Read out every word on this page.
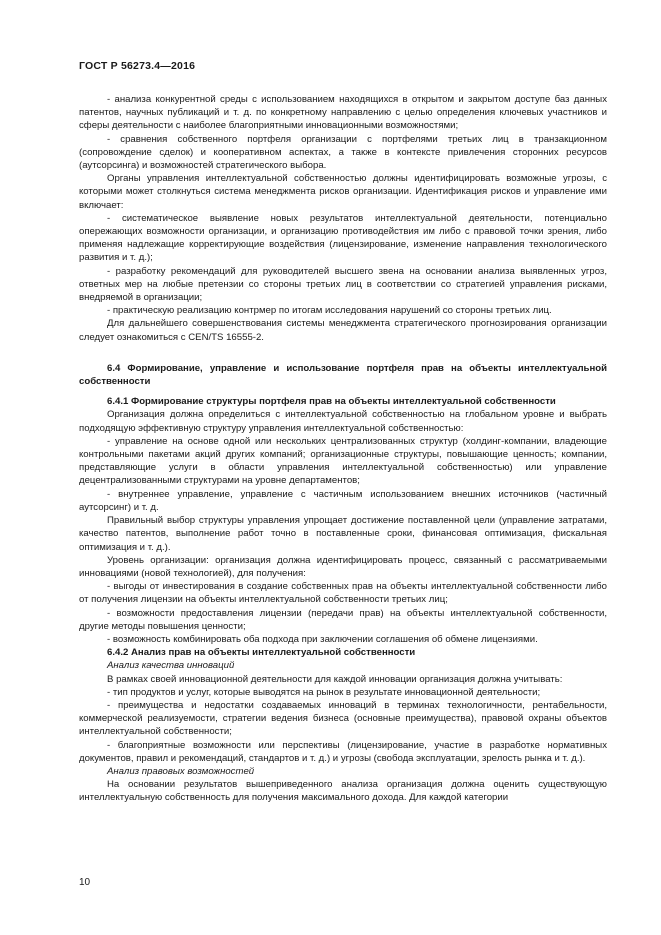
ГОСТ Р 56273.4—2016

- анализа конкурентной среды с использованием находящихся в открытом и закрытом доступе баз данных патентов, научных публикаций и т. д. по конкретному направлению с целью определения ключевых участников и сферы деятельности с наиболее благоприятными инновационными возможностями;

- сравнения собственного портфеля организации с портфелями третьих лиц в транзакционном (сопровождение сделок) и кооперативном аспектах, а также в контексте привлечения сторонних ресурсов (аутсорсинга) и возможностей стратегического выбора.

Органы управления интеллектуальной собственностью должны идентифицировать возможные угрозы, с которыми может столкнуться система менеджмента рисков организации. Идентификация рисков и управление ими включает:

- систематическое выявление новых результатов интеллектуальной деятельности, потенциально опережающих возможности организации, и организацию противодействия им либо с правовой точки зрения, либо применяя надлежащие корректирующие воздействия (лицензирование, изменение направления технологического развития и т. д.);

- разработку рекомендаций для руководителей высшего звена на основании анализа выявленных угроз, ответных мер на любые претензии со стороны третьих лиц в соответствии со стратегией управления рисками, внедряемой в организации;

- практическую реализацию контрмер по итогам исследования нарушений со стороны третьих лиц.

Для дальнейшего совершенствования системы менеджмента стратегического прогнозирования организации следует ознакомиться с CEN/TS 16555-2.

6.4 Формирование, управление и использование портфеля прав на объекты интеллектуальной собственности

6.4.1 Формирование структуры портфеля прав на объекты интеллектуальной собственности

Организация должна определиться с интеллектуальной собственностью на глобальном уровне и выбрать подходящую эффективную структуру управления интеллектуальной собственностью:

- управление на основе одной или нескольких централизованных структур (холдинг-компании, владеющие контрольными пакетами акций других компаний; организационные структуры, повышающие ценность; компании, представляющие услуги в области управления интеллектуальной собственностью) или управление децентрализованными структурами на уровне департаментов;

- внутреннее управление, управление с частичным использованием внешних источников (частичный аутсорсинг) и т. д.

Правильный выбор структуры управления упрощает достижение поставленной цели (управление затратами, качество патентов, выполнение работ точно в поставленные сроки, финансовая оптимизация, фискальная оптимизация и т. д.).

Уровень организации: организация должна идентифицировать процесс, связанный с рассматриваемыми инновациями (новой технологией), для получения:

- выгоды от инвестирования в создание собственных прав на объекты интеллектуальной собственности либо от получения лицензии на объекты интеллектуальной собственности третьих лиц;

- возможности предоставления лицензии (передачи прав) на объекты интеллектуальной собственности, другие методы повышения ценности;

- возможность комбинировать оба подхода при заключении соглашения об обмене лицензиями.

6.4.2 Анализ прав на объекты интеллектуальной собственности

Анализ качества инноваций

В рамках своей инновационной деятельности для каждой инновации организация должна учитывать:

- тип продуктов и услуг, которые выводятся на рынок в результате инновационной деятельности;

- преимущества и недостатки создаваемых инноваций в терминах технологичности, рентабельности, коммерческой реализуемости, стратегии ведения бизнеса (основные преимущества), правовой охраны объектов интеллектуальной собственности;

- благоприятные возможности или перспективы (лицензирование, участие в разработке нормативных документов, правил и рекомендаций, стандартов и т. д.) и угрозы (свобода эксплуатации, зрелость рынка и т. д.).

Анализ правовых возможностей

На основании результатов вышеприведенного анализа организация должна оценить существующую интеллектуальную собственность для получения максимального дохода. Для каждой категории

10
